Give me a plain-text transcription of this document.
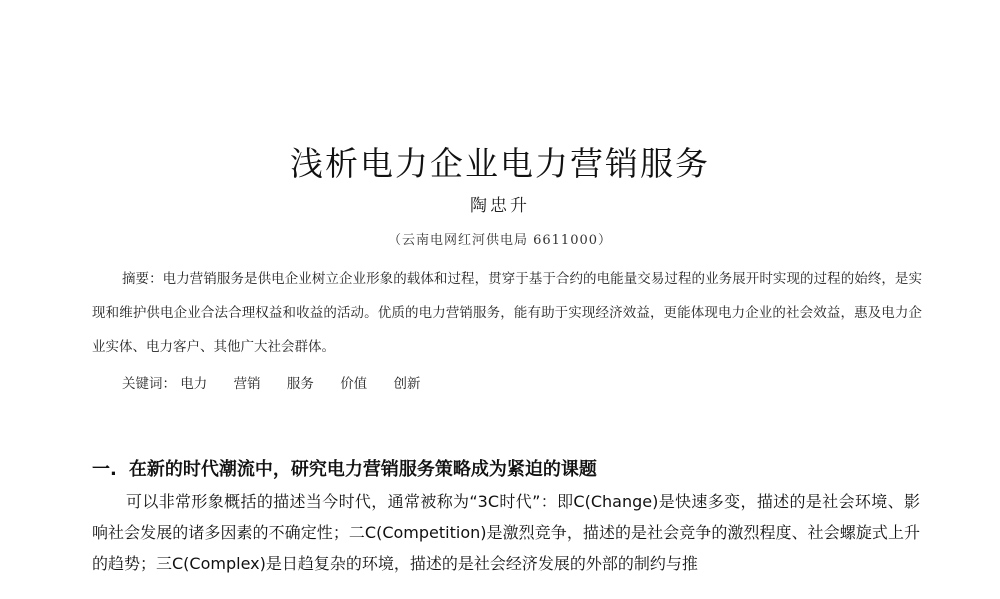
浅析电力企业电力营销服务
陶忠升
（云南电网红河供电局 6611000）
摘要：电力营销服务是供电企业树立企业形象的载体和过程，贯穿于基于合约的电能量交易过程的业务展开时实现的过程的始终，是实现和维护供电企业合法合理权益和收益的活动。优质的电力营销服务，能有助于实现经济效益，更能体现电力企业的社会效益，惠及电力企业实体、电力客户、其他广大社会群体。
关键词： 电力 营销 服务 价值 创新
一. 在新的时代潮流中，研究电力营销服务策略成为紧迫的课题
可以非常形象概括的描述当今时代，通常被称为“3C时代”：即C(Change)是快速多变，描述的是社会环境、影响社会发展的诸多因素的不确定性；二C(Competition)是激烈竞争，描述的是社会竞争的激烈程度、社会螺旋式上升的趋势；三C(Complex)是日趋复杂的环境，描述的是社会经济发展的外部的制约与推
